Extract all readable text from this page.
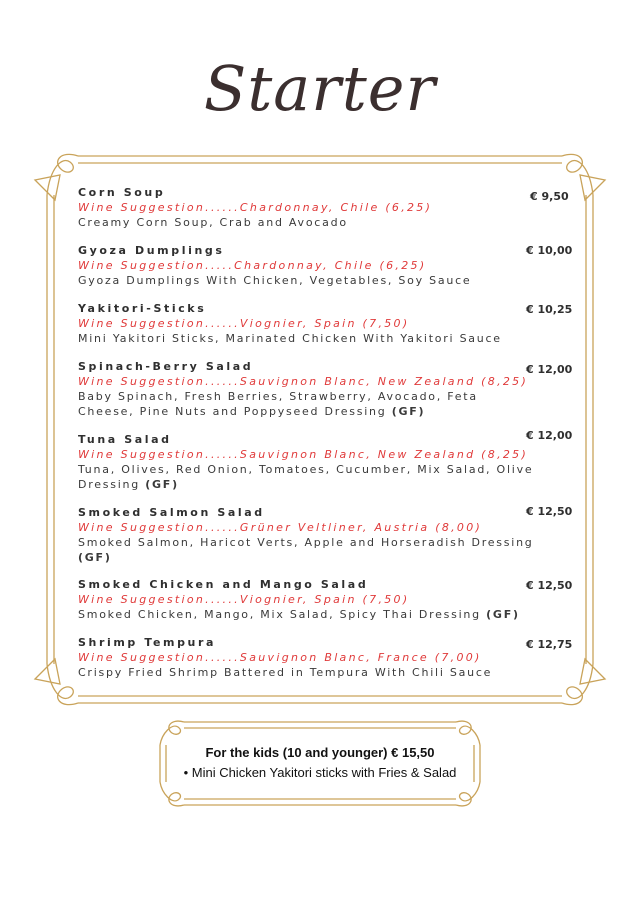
Starter
Corn Soup
Wine Suggestion......Chardonnay, Chile (6,25)
Creamy Corn Soup, Crab and Avocado
€ 9,50
Gyoza Dumplings
Wine Suggestion.....Chardonnay, Chile (6,25)
Gyoza Dumplings With Chicken, Vegetables, Soy Sauce
€ 10,00
Yakitori-Sticks
Wine Suggestion......Viognier, Spain (7,50)
Mini Yakitori Sticks, Marinated Chicken With Yakitori Sauce
€ 10,25
Spinach-Berry Salad
Wine Suggestion......Sauvignon Blanc, New Zealand (8,25)
Baby Spinach, Fresh Berries, Strawberry, Avocado, Feta Cheese, Pine Nuts and Poppyseed Dressing (GF)
€ 12,00
Tuna Salad
Wine Suggestion......Sauvignon Blanc, New Zealand (8,25)
Tuna, Olives, Red Onion, Tomatoes, Cucumber, Mix Salad, Olive Dressing (GF)
€ 12,00
Smoked Salmon Salad
Wine Suggestion......Grüner Veltliner, Austria (8,00)
Smoked Salmon, Haricot Verts, Apple and Horseradish Dressing (GF)
€ 12,50
Smoked Chicken and Mango Salad
Wine Suggestion......Viognier, Spain (7,50)
Smoked Chicken, Mango, Mix Salad, Spicy Thai Dressing (GF)
€ 12,50
Shrimp Tempura
Wine Suggestion......Sauvignon Blanc, France (7,00)
Crispy Fried Shrimp Battered in Tempura With Chili Sauce
€ 12,75
For the kids (10 and younger) € 15,50
• Mini Chicken Yakitori sticks with Fries & Salad
